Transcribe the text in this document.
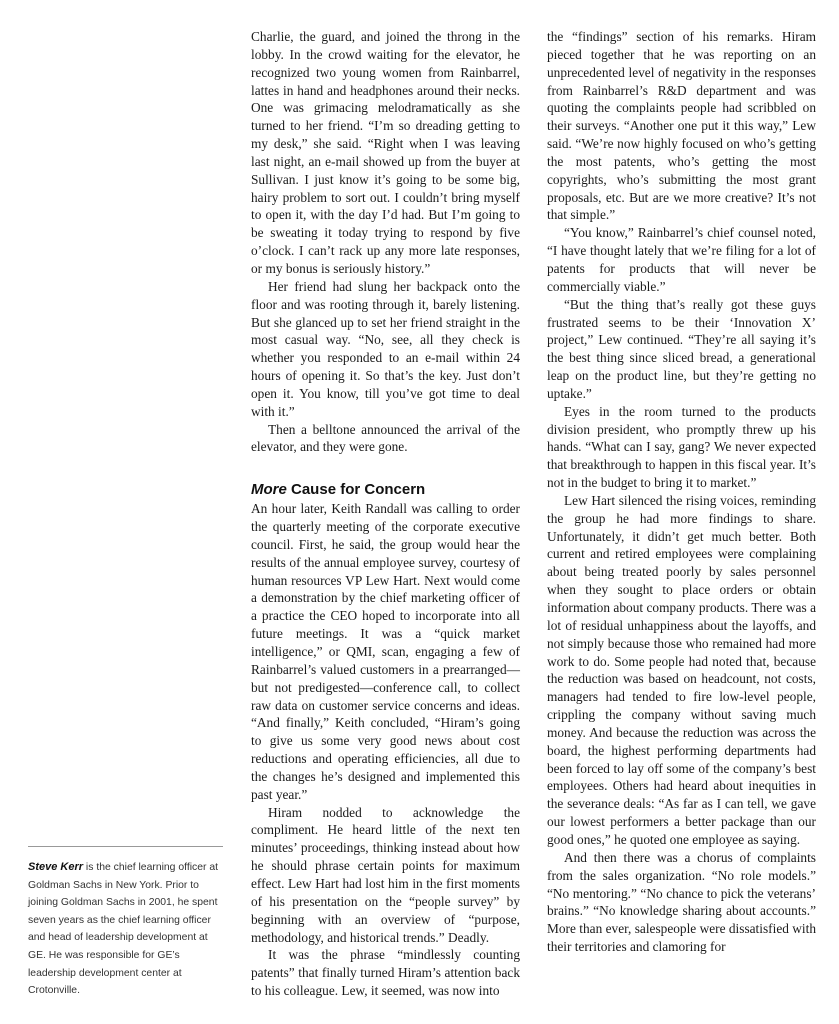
Steve Kerr is the chief learning officer at Goldman Sachs in New York. Prior to joining Goldman Sachs in 2001, he spent seven years as the chief learning officer and head of leadership development at GE. He was responsible for GE’s leadership development center at Crotonville.

Charlie, the guard, and joined the throng in the lobby. In the crowd waiting for the elevator, he recognized two young women from Rainbarrel, lattes in hand and headphones around their necks. One was grimacing melodramatically as she turned to her friend. “I’m so dreading getting to my desk,” she said. “Right when I was leaving last night, an e-mail showed up from the buyer at Sullivan. I just know it’s going to be some big, hairy problem to sort out. I couldn’t bring myself to open it, with the day I’d had. But I’m going to be sweating it today trying to respond by five o’clock. I can’t rack up any more late responses, or my bonus is seriously history.”

Her friend had slung her backpack onto the floor and was rooting through it, barely listening. But she glanced up to set her friend straight in the most casual way. “No, see, all they check is whether you responded to an e-mail within 24 hours of opening it. So that’s the key. Just don’t open it. You know, till you’ve got time to deal with it.”

Then a belltone announced the arrival of the elevator, and they were gone.

More Cause for Concern

An hour later, Keith Randall was calling to order the quarterly meeting of the corporate executive council. First, he said, the group would hear the results of the annual employee survey, courtesy of human resources VP Lew Hart. Next would come a demonstration by the chief marketing officer of a practice the CEO hoped to incorporate into all future meetings. It was a “quick market intelligence,” or QMI, scan, engaging a few of Rainbarrel’s valued customers in a prearranged—but not predigested—conference call, to collect raw data on customer service concerns and ideas. “And finally,” Keith concluded, “Hiram’s going to give us some very good news about cost reductions and operating efficiencies, all due to the changes he’s designed and implemented this past year.”

Hiram nodded to acknowledge the compliment. He heard little of the next ten minutes’ proceedings, thinking instead about how he should phrase certain points for maximum effect. Lew Hart had lost him in the first moments of his presentation on the “people survey” by beginning with an overview of “purpose, methodology, and historical trends.” Deadly.

It was the phrase “mindlessly counting patents” that finally turned Hiram’s attention back to his colleague. Lew, it seemed, was now into

the “findings” section of his remarks. Hiram pieced together that he was reporting on an unprecedented level of negativity in the responses from Rainbarrel’s R&D department and was quoting the complaints people had scribbled on their surveys. “Another one put it this way,” Lew said. “We’re now highly focused on who’s getting the most patents, who’s getting the most copyrights, who’s submitting the most grant proposals, etc. But are we more creative? It’s not that simple.”

“You know,” Rainbarrel’s chief counsel noted, “I have thought lately that we’re filing for a lot of patents for products that will never be commercially viable.”

“But the thing that’s really got these guys frustrated seems to be their ‘Innovation X’ project,” Lew continued. “They’re all saying it’s the best thing since sliced bread, a generational leap on the product line, but they’re getting no uptake.”

Eyes in the room turned to the products division president, who promptly threw up his hands. “What can I say, gang? We never expected that breakthrough to happen in this fiscal year. It’s not in the budget to bring it to market.”

Lew Hart silenced the rising voices, reminding the group he had more findings to share. Unfortunately, it didn’t get much better. Both current and retired employees were complaining about being treated poorly by sales personnel when they sought to place orders or obtain information about company products. There was a lot of residual unhappiness about the layoffs, and not simply because those who remained had more work to do. Some people had noted that, because the reduction was based on headcount, not costs, managers had tended to fire low-level people, crippling the company without saving much money. And because the reduction was across the board, the highest performing departments had been forced to lay off some of the company’s best employees. Others had heard about inequities in the severance deals: “As far as I can tell, we gave our lowest performers a better package than our good ones,” he quoted one employee as saying.

And then there was a chorus of complaints from the sales organization. “No role models.” “No mentoring.” “No chance to pick the veterans’ brains.” “No knowledge sharing about accounts.” More than ever, salespeople were dissatisfied with their territories and clamoring for
